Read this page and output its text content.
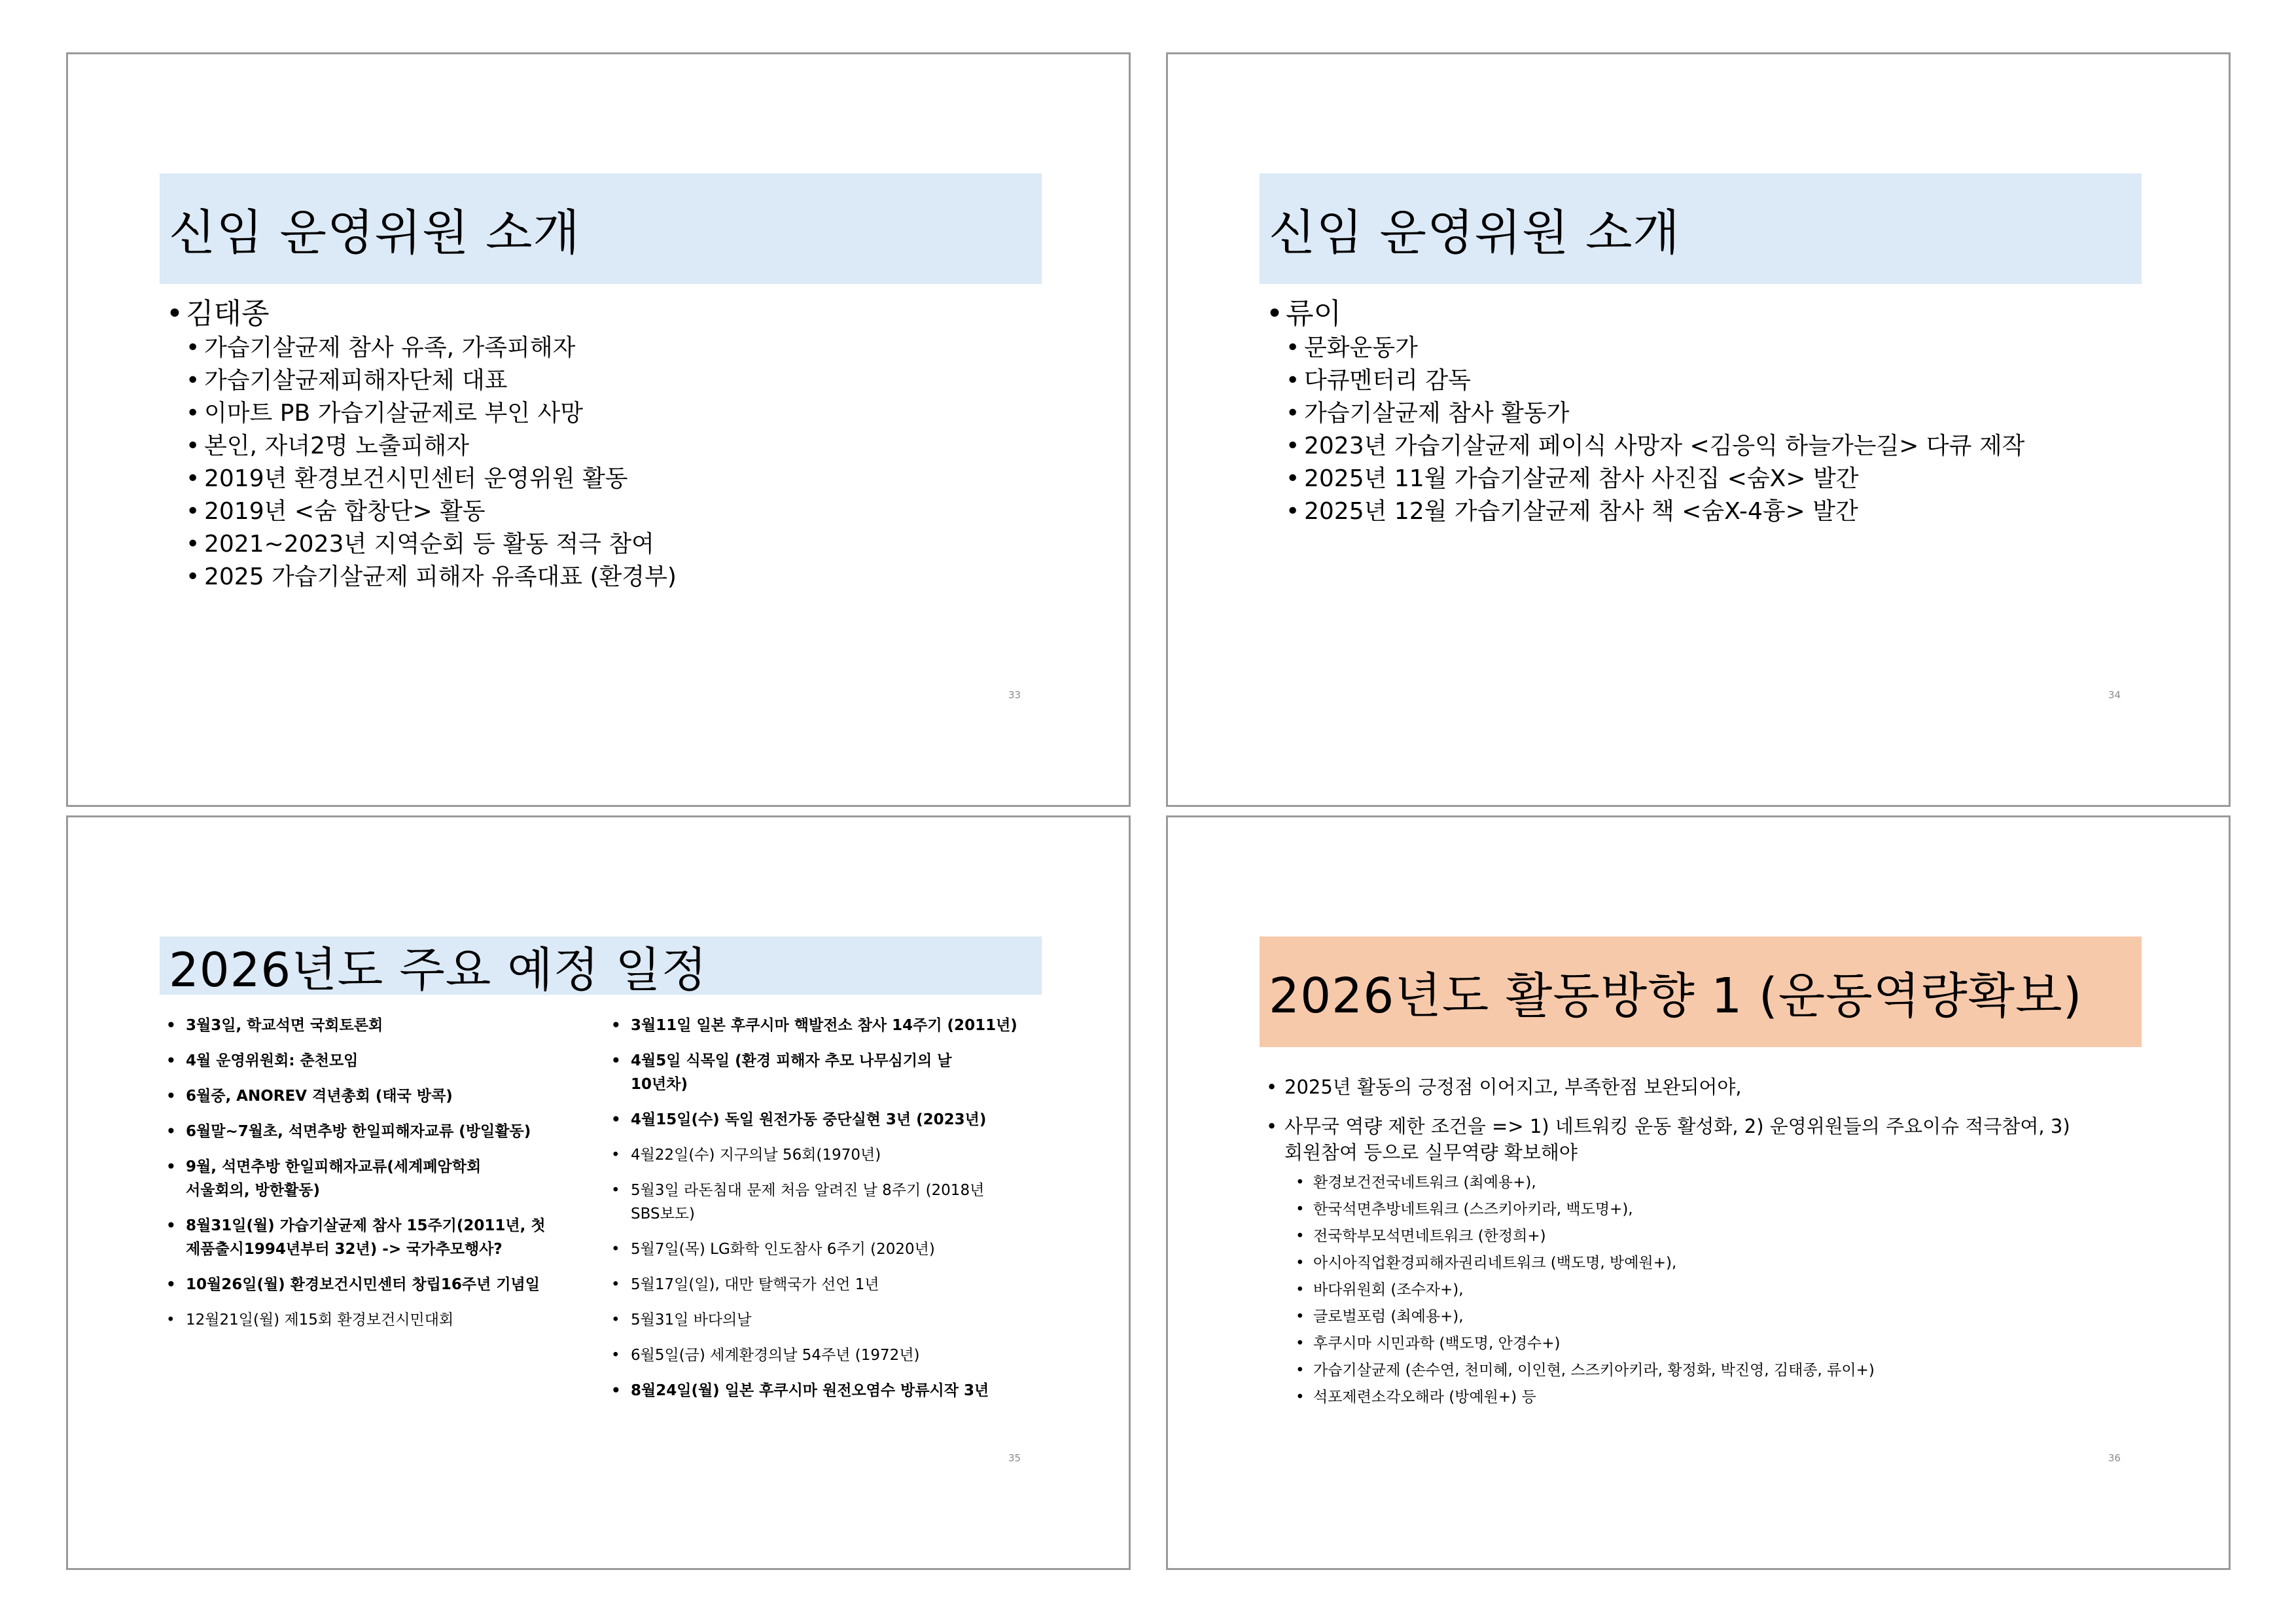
신임 운영위원 소개
• 김태종
• 가습기살균제 참사 유족, 가족피해자
• 가습기살균제피해자단체 대표
• 이마트 PB 가습기살균제로 부인 사망
• 본인, 자녀2명 노출피해자
• 2019년 환경보건시민센터 운영위원 활동
• 2019년 <숨 합창단> 활동
• 2021~2023년 지역순회 등 활동 적극 참여
• 2025 가습기살균제 피해자 유족대표 (환경부)
33
신임 운영위원 소개
• 류이
• 문화운동가
• 다큐멘터리 감독
• 가습기살균제 참사 활동가
• 2023년 가습기살균제 페이식 사망자 <김응익 하늘가는길> 다큐 제작
• 2025년 11월 가습기살균제 참사 사진집 <숨X> 발간
• 2025년 12월 가습기살균제 참사 책 <숨X-4흉> 발간
34
2026년도 주요 예정 일정
• 3월3일, 학교석면 국회토론회
• 4월 운영위원회: 춘천모임
• 6월중, ANOREV 격년총회 (태국 방콕)
• 6월말~7월초, 석면추방 한일피해자교류 (방일활동)
• 9월, 석면추방 한일피해자교류(세계폐암학회
서울회의, 방한활동)
• 8월31일(월) 가습기살균제 참사 15주기(2011년, 첫
제품출시1994년부터 32년) -> 국가추모행사?
• 10월26일(월) 환경보건시민센터 창립16주년 기념일
• 12월21일(월) 제15회 환경보건시민대회
• 3월11일 일본 후쿠시마 핵발전소 참사 14주기 (2011년)
• 4월5일 식목일 (환경 피해자 추모 나무심기의 날
10년차)
• 4월15일(수) 독일 원전가동 중단실현 3년 (2023년)
• 4월22일(수) 지구의날 56회(1970년)
• 5월3일 라돈침대 문제 처음 알려진 날 8주기 (2018년
SBS보도)
• 5월7일(목) LG화학 인도참사 6주기 (2020년)
• 5월17일(일), 대만 탈핵국가 선언 1년
• 5월31일 바다의날
• 6월5일(금) 세계환경의날 54주년 (1972년)
• 8월24일(월) 일본 후쿠시마 원전오염수 방류시작 3년
35
2026년도 활동방향 1 (운동역량확보)
• 2025년 활동의 긍정점 이어지고, 부족한점 보완되어야,
• 사무국 역량 제한 조건을 => 1) 네트워킹 운동 활성화, 2) 운영위원들의 주요이슈 적극참여, 3)
회원참여 등으로 실무역량 확보해야
• 환경보건전국네트워크 (최예용+),
• 한국석면추방네트워크 (스즈키아키라, 백도명+),
• 전국학부모석면네트워크 (한정희+)
• 아시아직업환경피해자권리네트워크 (백도명, 방예원+),
• 바다위원회 (조수자+),
• 글로벌포럼 (최예용+),
• 후쿠시마 시민과학 (백도명, 안경수+)
• 가습기살균제 (손수연, 천미혜, 이인현, 스즈키아키라, 황정화, 박진영, 김태종, 류이+)
• 석포제련소각오해라 (방예원+) 등
36
